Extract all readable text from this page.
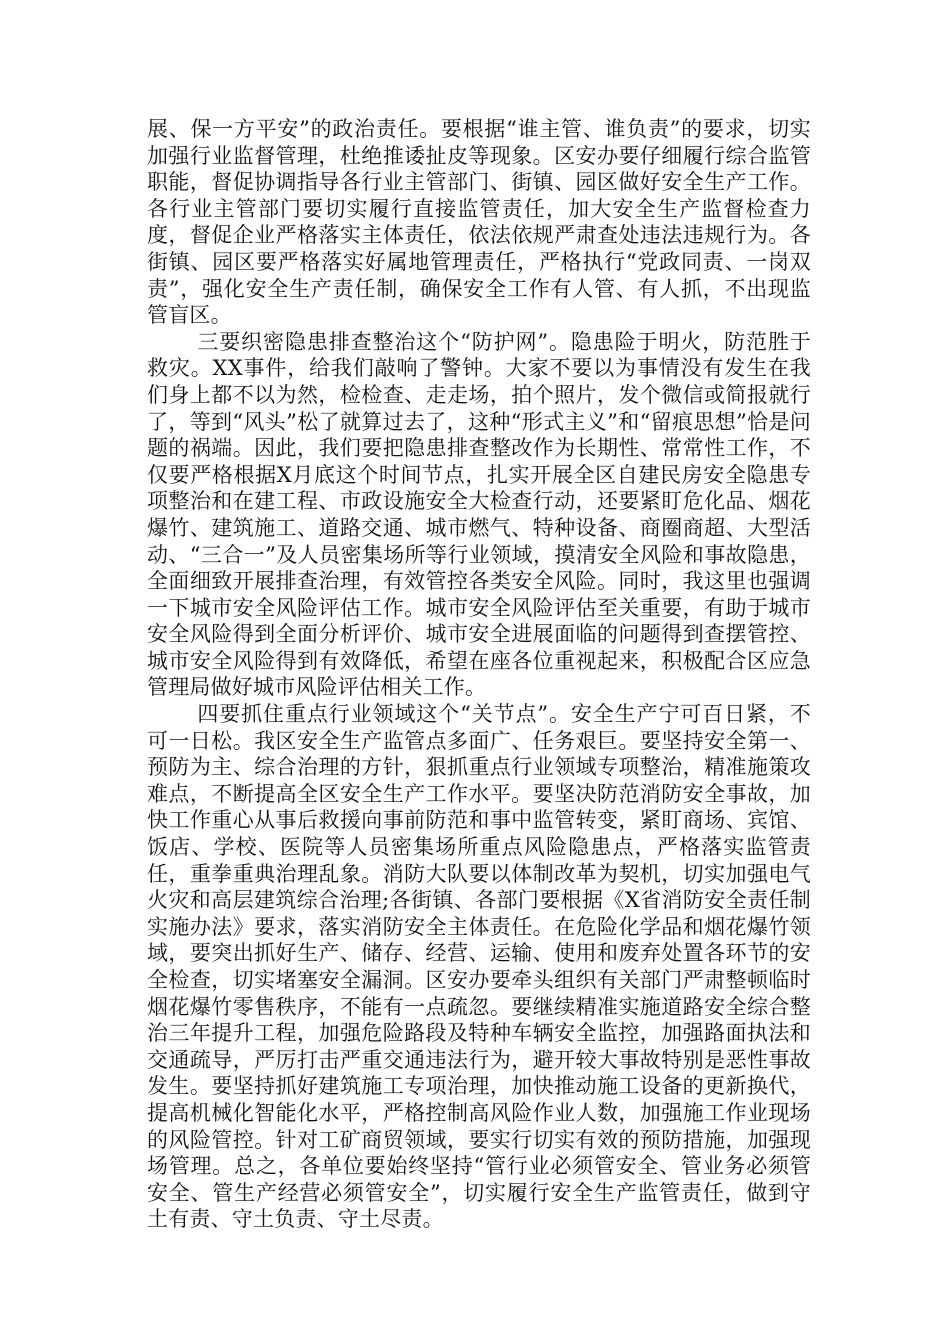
展、保一方平安”的政治责任。要根据“谁主管、谁负责”的要求，切实加强行业监督管理，杜绝推诿扯皮等现象。区安办要仔细履行综合监管职能，督促协调指导各行业主管部门、街镇、园区做好安全生产工作。各行业主管部门要切实履行直接监管责任，加大安全生产监督检查力度，督促企业严格落实主体责任，依法依规严肃查处违法违规行为。各街镇、园区要严格落实好属地管理责任，严格执行“党政同责、一岗双责”，强化安全生产责任制，确保安全工作有人管、有人抓，不出现监管盲区。

三要织密隐患排查整治这个“防护网”。隐患险于明火，防范胜于救灾。XX事件，给我们敲响了警钟。大家不要以为事情没有发生在我们身上都不以为然，检检查、走走场，拍个照片，发个微信或简报就行了，等到“风头”松了就算过去了，这种“形式主义”和“留痕思想”恰是问题的祸端。因此，我们要把隐患排查整改作为长期性、常常性工作，不仅要严格根据X月底这个时间节点，扎实开展全区自建民房安全隐患专项整治和在建工程、市政设施安全大检查行动，还要紧盯危化品、烟花爆竹、建筑施工、道路交通、城市燃气、特种设备、商圈商超、大型活动、“三合一”及人员密集场所等行业领域，摸清安全风险和事故隐患，全面细致开展排查治理，有效管控各类安全风险。同时，我这里也强调一下城市安全风险评估工作。城市安全风险评估至关重要，有助于城市安全风险得到全面分析评价、城市安全进展面临的问题得到查摆管控、城市安全风险得到有效降低，希望在座各位重视起来，积极配合区应急管理局做好城市风险评估相关工作。

四要抓住重点行业领域这个“关节点”。安全生产宁可百日紧，不可一日松。我区安全生产监管点多面广、任务艰巨。要坚持安全第一、预防为主、综合治理的方针，狠抓重点行业领域专项整治，精准施策攻难点，不断提高全区安全生产工作水平。要坚决防范消防安全事故，加快工作重心从事后救援向事前防范和事中监管转变，紧盯商场、宾馆、饭店、学校、医院等人员密集场所重点风险隐患点，严格落实监管责任，重拳重典治理乱象。消防大队要以体制改革为契机，切实加强电气火灾和高层建筑综合治理;各街镇、各部门要根据《X省消防安全责任制实施办法》要求，落实消防安全主体责任。在危险化学品和烟花爆竹领域，要突出抓好生产、储存、经营、运输、使用和废弃处置各环节的安全检查，切实堵塞安全漏洞。区安办要牵头组织有关部门严肃整顿临时烟花爆竹零售秩序，不能有一点疏忽。要继续精准实施道路安全综合整治三年提升工程，加强危险路段及特种车辆安全监控，加强路面执法和交通疏导，严厉打击严重交通违法行为，避开较大事故特别是恶性事故发生。要坚持抓好建筑施工专项治理，加快推动施工设备的更新换代，提高机械化智能化水平，严格控制高风险作业人数，加强施工作业现场的风险管控。针对工矿商贸领域，要实行切实有效的预防措施，加强现场管理。总之，各单位要始终坚持“管行业必须管安全、管业务必须管安全、管生产经营必须管安全”，切实履行安全生产监管责任，做到守土有责、守土负责、守土尽责。
